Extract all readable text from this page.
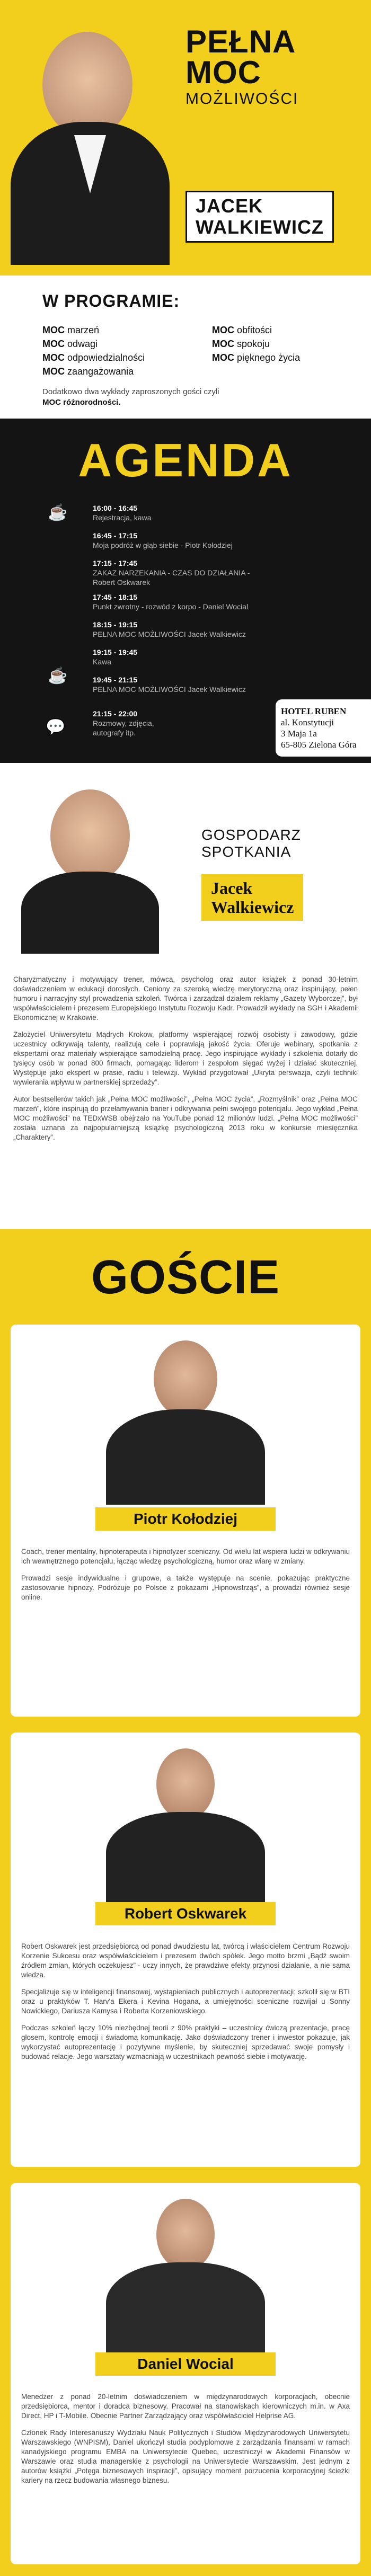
PEŁNA
MOC
MOŻLIWOŚCI
JACEK
WALKIEWICZ
W PROGRAMIE:
MOC marzeń
MOC odwagi
MOC odpowiedzialności
MOC zaangażowania
MOC obfitości
MOC spokoju
MOC pięknego życia
Dodatkowo dwa wykłady zaproszonych gości czyli
MOC różnorodności.
AGENDA
☕
☕
💬
16:00 - 16:45
Rejestracja, kawa
16:45 - 17:15
Moja podróż w głąb siebie - Piotr Kołodziej
17:15 - 17:45
ZAKAZ NARZEKANIA - CZAS DO DZIAŁANIA - Robert Oskwarek
17:45 - 18:15
Punkt zwrotny - rozwód z korpo - Daniel Wocial
18:15 - 19:15
PEŁNA MOC MOŻLIWOŚCI Jacek Walkiewicz
19:15 - 19:45
Kawa
19:45 - 21:15
PEŁNA MOC MOŻLIWOŚCI Jacek Walkiewicz
21:15 - 22:00
Rozmowy, zdjęcia, autografy itp.
HOTEL RUBEN
al. Konstytucji
3 Maja 1a
65-805 Zielona Góra
GOSPODARZ
SPOTKANIA
Jacek
Walkiewicz

Charyzmatyczny i motywujący trener, mówca, psycholog oraz autor książek z ponad 30-letnim doświadczeniem w edukacji dorosłych. Ceniony za szeroką wiedzę merytoryczną oraz inspirujący, pełen humoru i narracyjny styl prowadzenia szkoleń. Twórca i zarządzał działem reklamy „Gazety Wyborczej”, był współwłaścicielem i prezesem Europejskiego Instytutu Rozwoju Kadr. Prowadził wykłady na SGH i Akademii Ekonomicznej w Krakowie.

Założyciel Uniwersytetu Mądrych Krokow, platformy wspierającej rozwój osobisty i zawodowy, gdzie uczestnicy odkrywają talenty, realizują cele i poprawiają jakość życia. Oferuje webinary, spotkania z ekspertami oraz materiały wspierające samodzielną pracę. Jego inspirujące wykłady i szkolenia dotarły do tysięcy osób w ponad 800 firmach, pomagając liderom i zespołom sięgać wyżej i działać skuteczniej. Występuje jako ekspert w prasie, radiu i telewizji. Wykład przygotował „Ukryta perswazja, czyli techniki wywierania wpływu w partnerskiej sprzedaży”.

Autor bestsellerów takich jak „Pełna MOC możliwości”, „Pełna MOC życia”, „Rozmyślnik” oraz „Pełna MOC marzeń”, które inspirują do przełamywania barier i odkrywania pełni swojego potencjału. Jego wykład „Pełna MOC możliwości” na TEDxWSB obejrzało na YouTube ponad 12 milionów ludzi. „Pełna MOC możliwości” została uznana za najpopularniejszą książkę psychologiczną 2013 roku w konkursie miesięcznika „Charaktery”.

GOŚCIE
Piotr Kołodziej

Coach, trener mentalny, hipnoterapeuta i hipnotyzer sceniczny. Od wielu lat wspiera ludzi w odkrywaniu ich wewnętrznego potencjału, łącząc wiedzę psychologiczną, humor oraz wiarę w zmiany.

Prowadzi sesje indywidualne i grupowe, a także występuje na scenie, pokazując praktyczne zastosowanie hipnozy. Podróżuje po Polsce z pokazami „Hipnowstrząs”, a prowadzi również sesje online.

Robert Oskwarek

Robert Oskwarek jest przedsiębiorcą od ponad dwudziestu lat, twórcą i właścicielem Centrum Rozwoju Korzenie Sukcesu oraz współwłaścicielem i prezesem dwóch spółek. Jego motto brzmi „Bądź swoim źródłem zmian, których oczekujesz” - uczy innych, że prawdziwe efekty przynosi działanie, a nie sama wiedza.

Specjalizuje się w inteligencji finansowej, wystąpieniach publicznych i autoprezentacji; szkolił się w BTI oraz u praktyków T. Harv'a Ekera i Kevina Hogana, a umiejętności sceniczne rozwijał u Sonny Nowickiego, Dariusza Kamysa i Roberta Korzeniowskiego.

Podczas szkoleń łączy 10% niezbędnej teorii z 90% praktyki – uczestnicy ćwiczą prezentacje, pracę głosem, kontrolę emocji i świadomą komunikację. Jako doświadczony trener i inwestor pokazuje, jak wykorzystać autoprezentację i pozytywne myślenie, by skuteczniej sprzedawać swoje pomysły i budować relacje. Jego warsztaty wzmacniają w uczestnikach pewność siebie i motywację.

Daniel Wocial

Menedżer z ponad 20-letnim doświadczeniem w międzynarodowych korporacjach, obecnie przedsiębiorca, mentor i doradca biznesowy. Pracował na stanowiskach kierowniczych m.in. w Axa Direct, HP i T-Mobile. Obecnie Partner Zarządzający oraz współwłaściciel Helprise AG.

Członek Rady Interesariuszy Wydziału Nauk Politycznych i Studiów Międzynarodowych Uniwersytetu Warszawskiego (WNPISM), Daniel ukończył studia podyplomowe z zarządzania finansami w ramach kanadyjskiego programu EMBA na Uniwersytecie Quebec, uczestniczył w Akademii Finansów w Warszawie oraz studia managerskie z psychologii na Uniwersytecie Warszawskim. Jest jednym z autorów książki „Potęga biznesowych inspiracji”, opisujący moment porzucenia korporacyjnej ścieżki kariery na rzecz budowania własnego biznesu.
